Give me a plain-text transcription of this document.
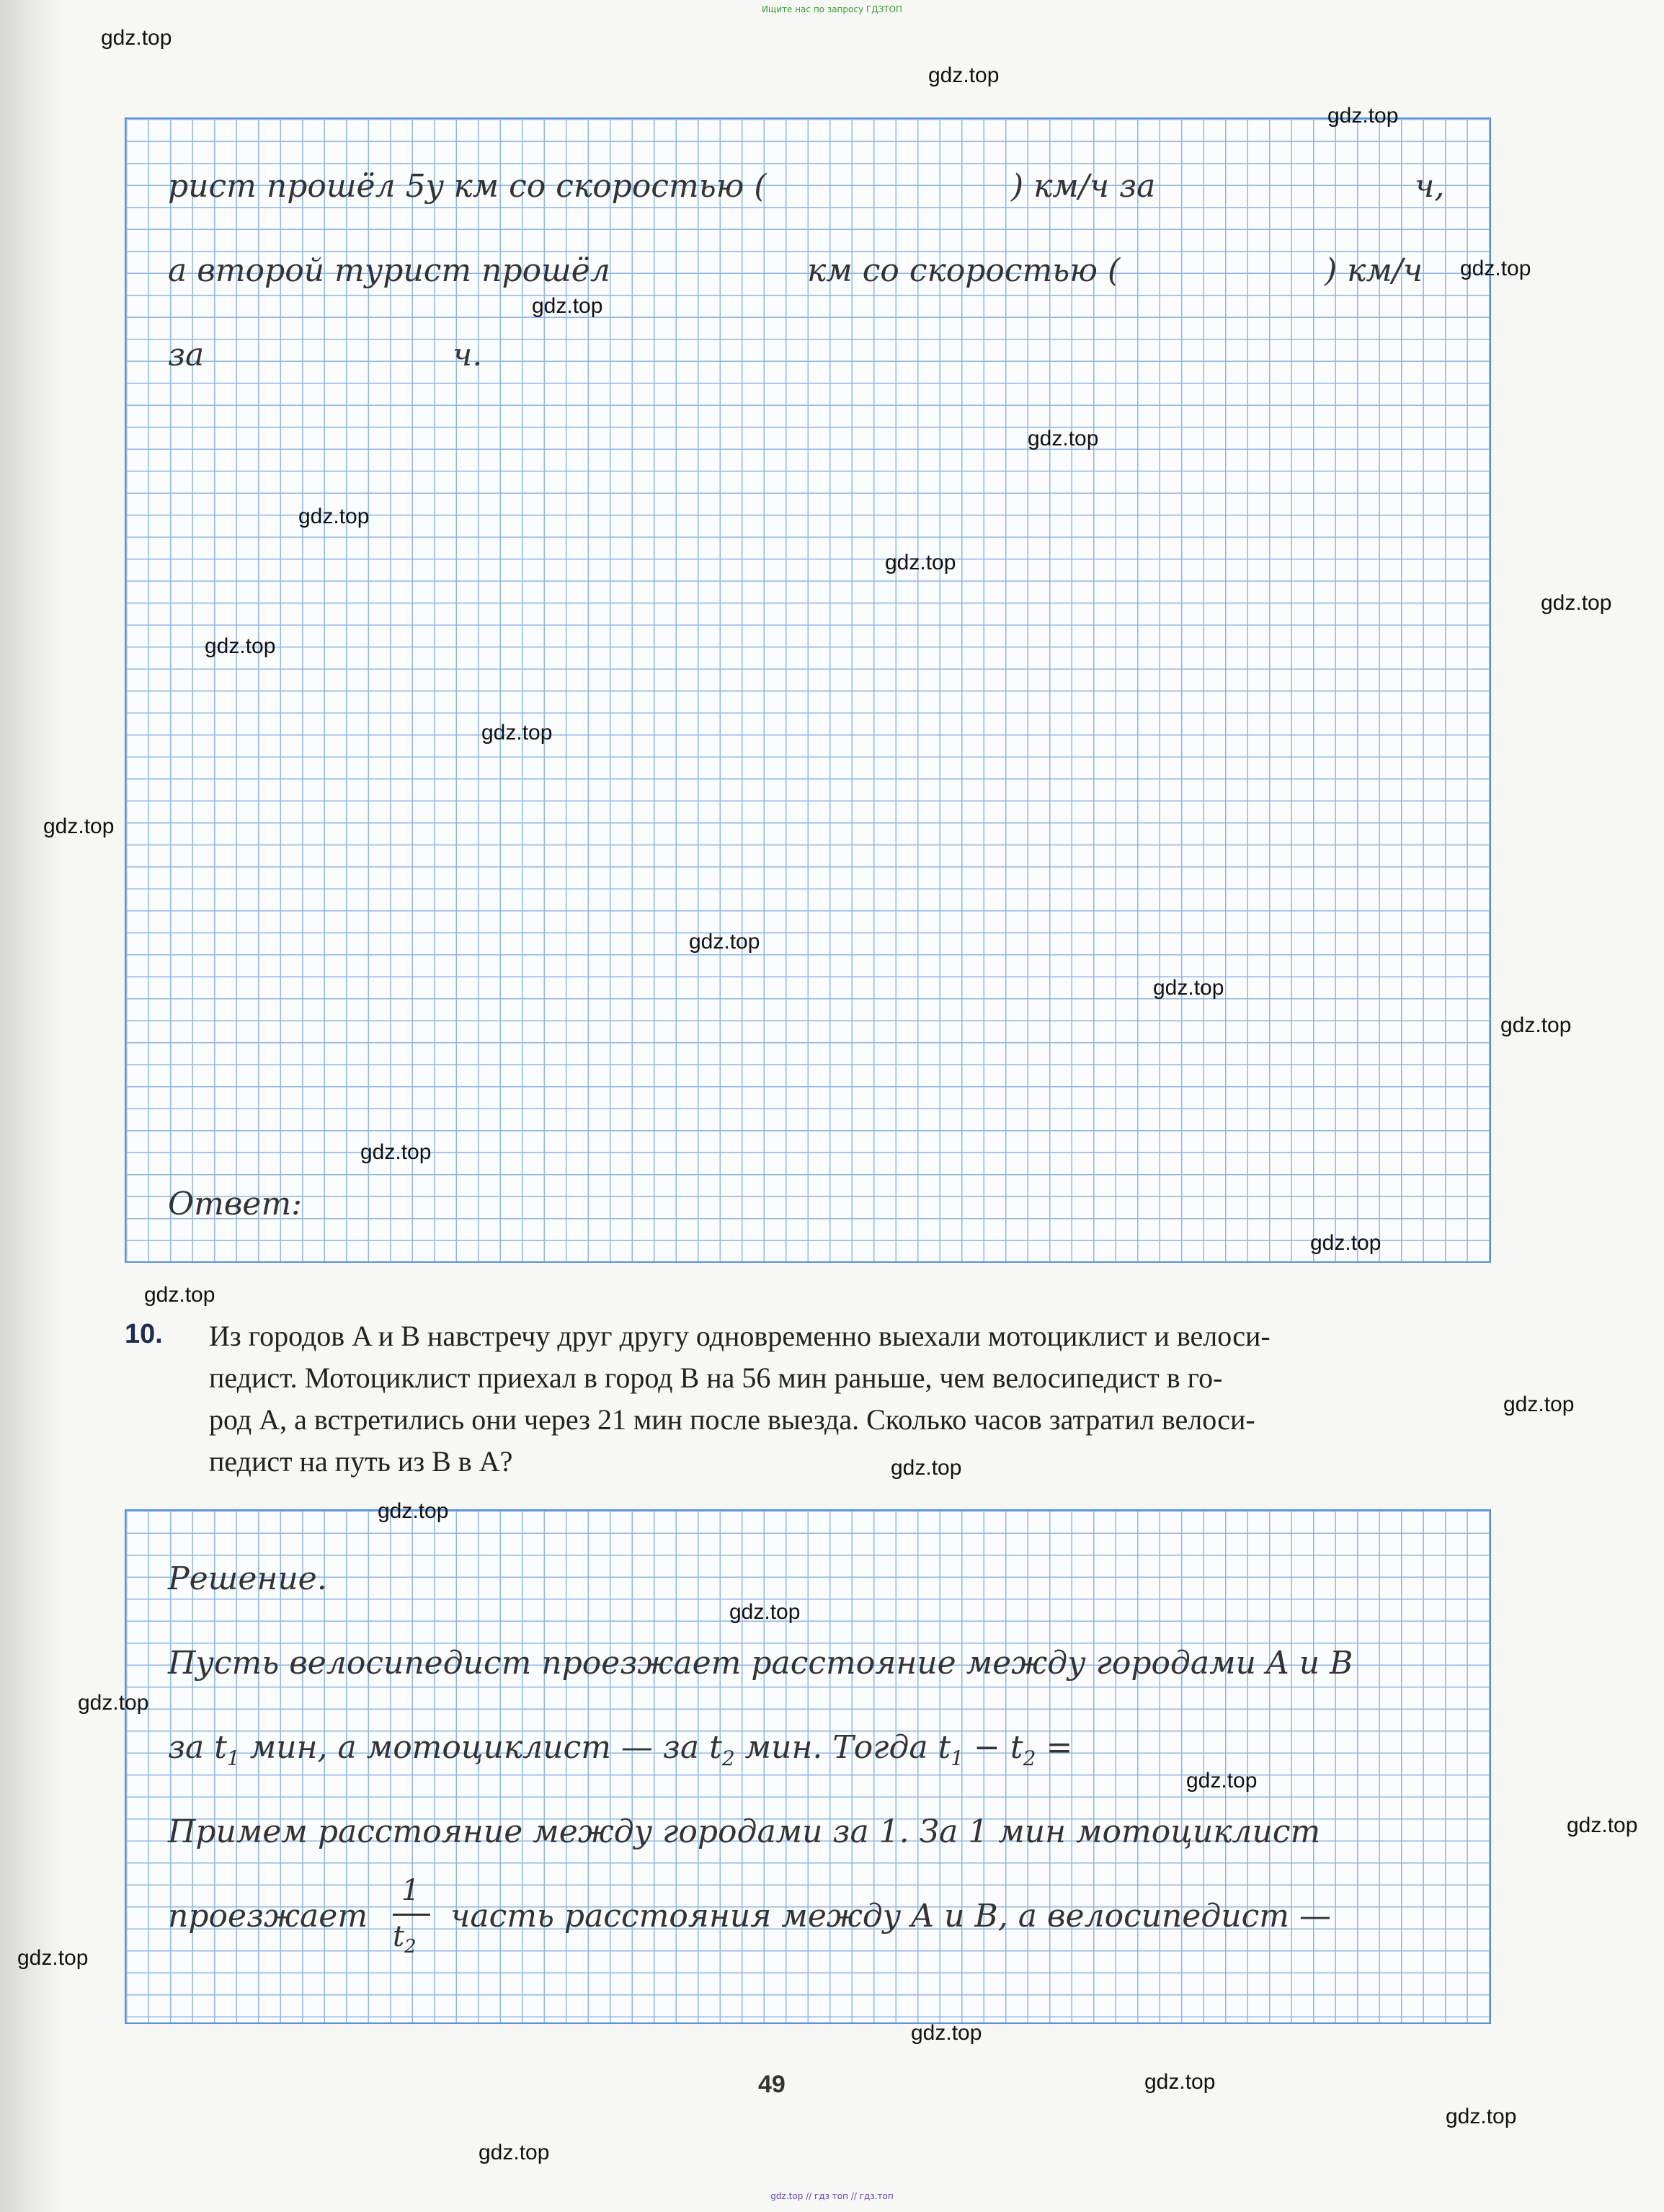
Ищите нас по запросу ГДЗТОП
рист прошёл 5y км со скоростью (	) км/ч за	ч,
а второй турист прошёл	км со скоростью (	) км/ч
за	ч.
Ответ:
10. Из городов A и B навстречу друг другу одновременно выехали мотоциклист и велоси-
педист. Мотоциклист приехал в город B на 56 мин раньше, чем велосипедист в го-
род A, а встретились они через 21 мин после выезда. Сколько часов затратил велоси-
педист на путь из B в A?
Решение.
Пусть велосипедист проезжает расстояние между городами A и B
за $t_1$ мин, а мотоциклист — за $t_2$ мин. Тогда $t_1 - t_2$ =
Примем расстояние между городами за 1. За 1 мин мотоциклист
проезжает
1
$t_2$
часть расстояния между A и B, а велосипедист —
49
gdz.top
gdz.top
gdz.top
gdz.top
gdz.top
gdz.top
gdz.top
gdz.top
gdz.top
gdz.top
gdz.top
gdz.top
gdz.top
gdz.top
gdz.top
gdz.top
gdz.top
gdz.top
gdz.top
gdz.top
gdz.top
gdz.top
gdz.top
gdz.top
gdz.top
gdz.top
gdz.top
gdz.top
gdz.top
gdz.top
gdz.top // гдз топ // гдз.топ
